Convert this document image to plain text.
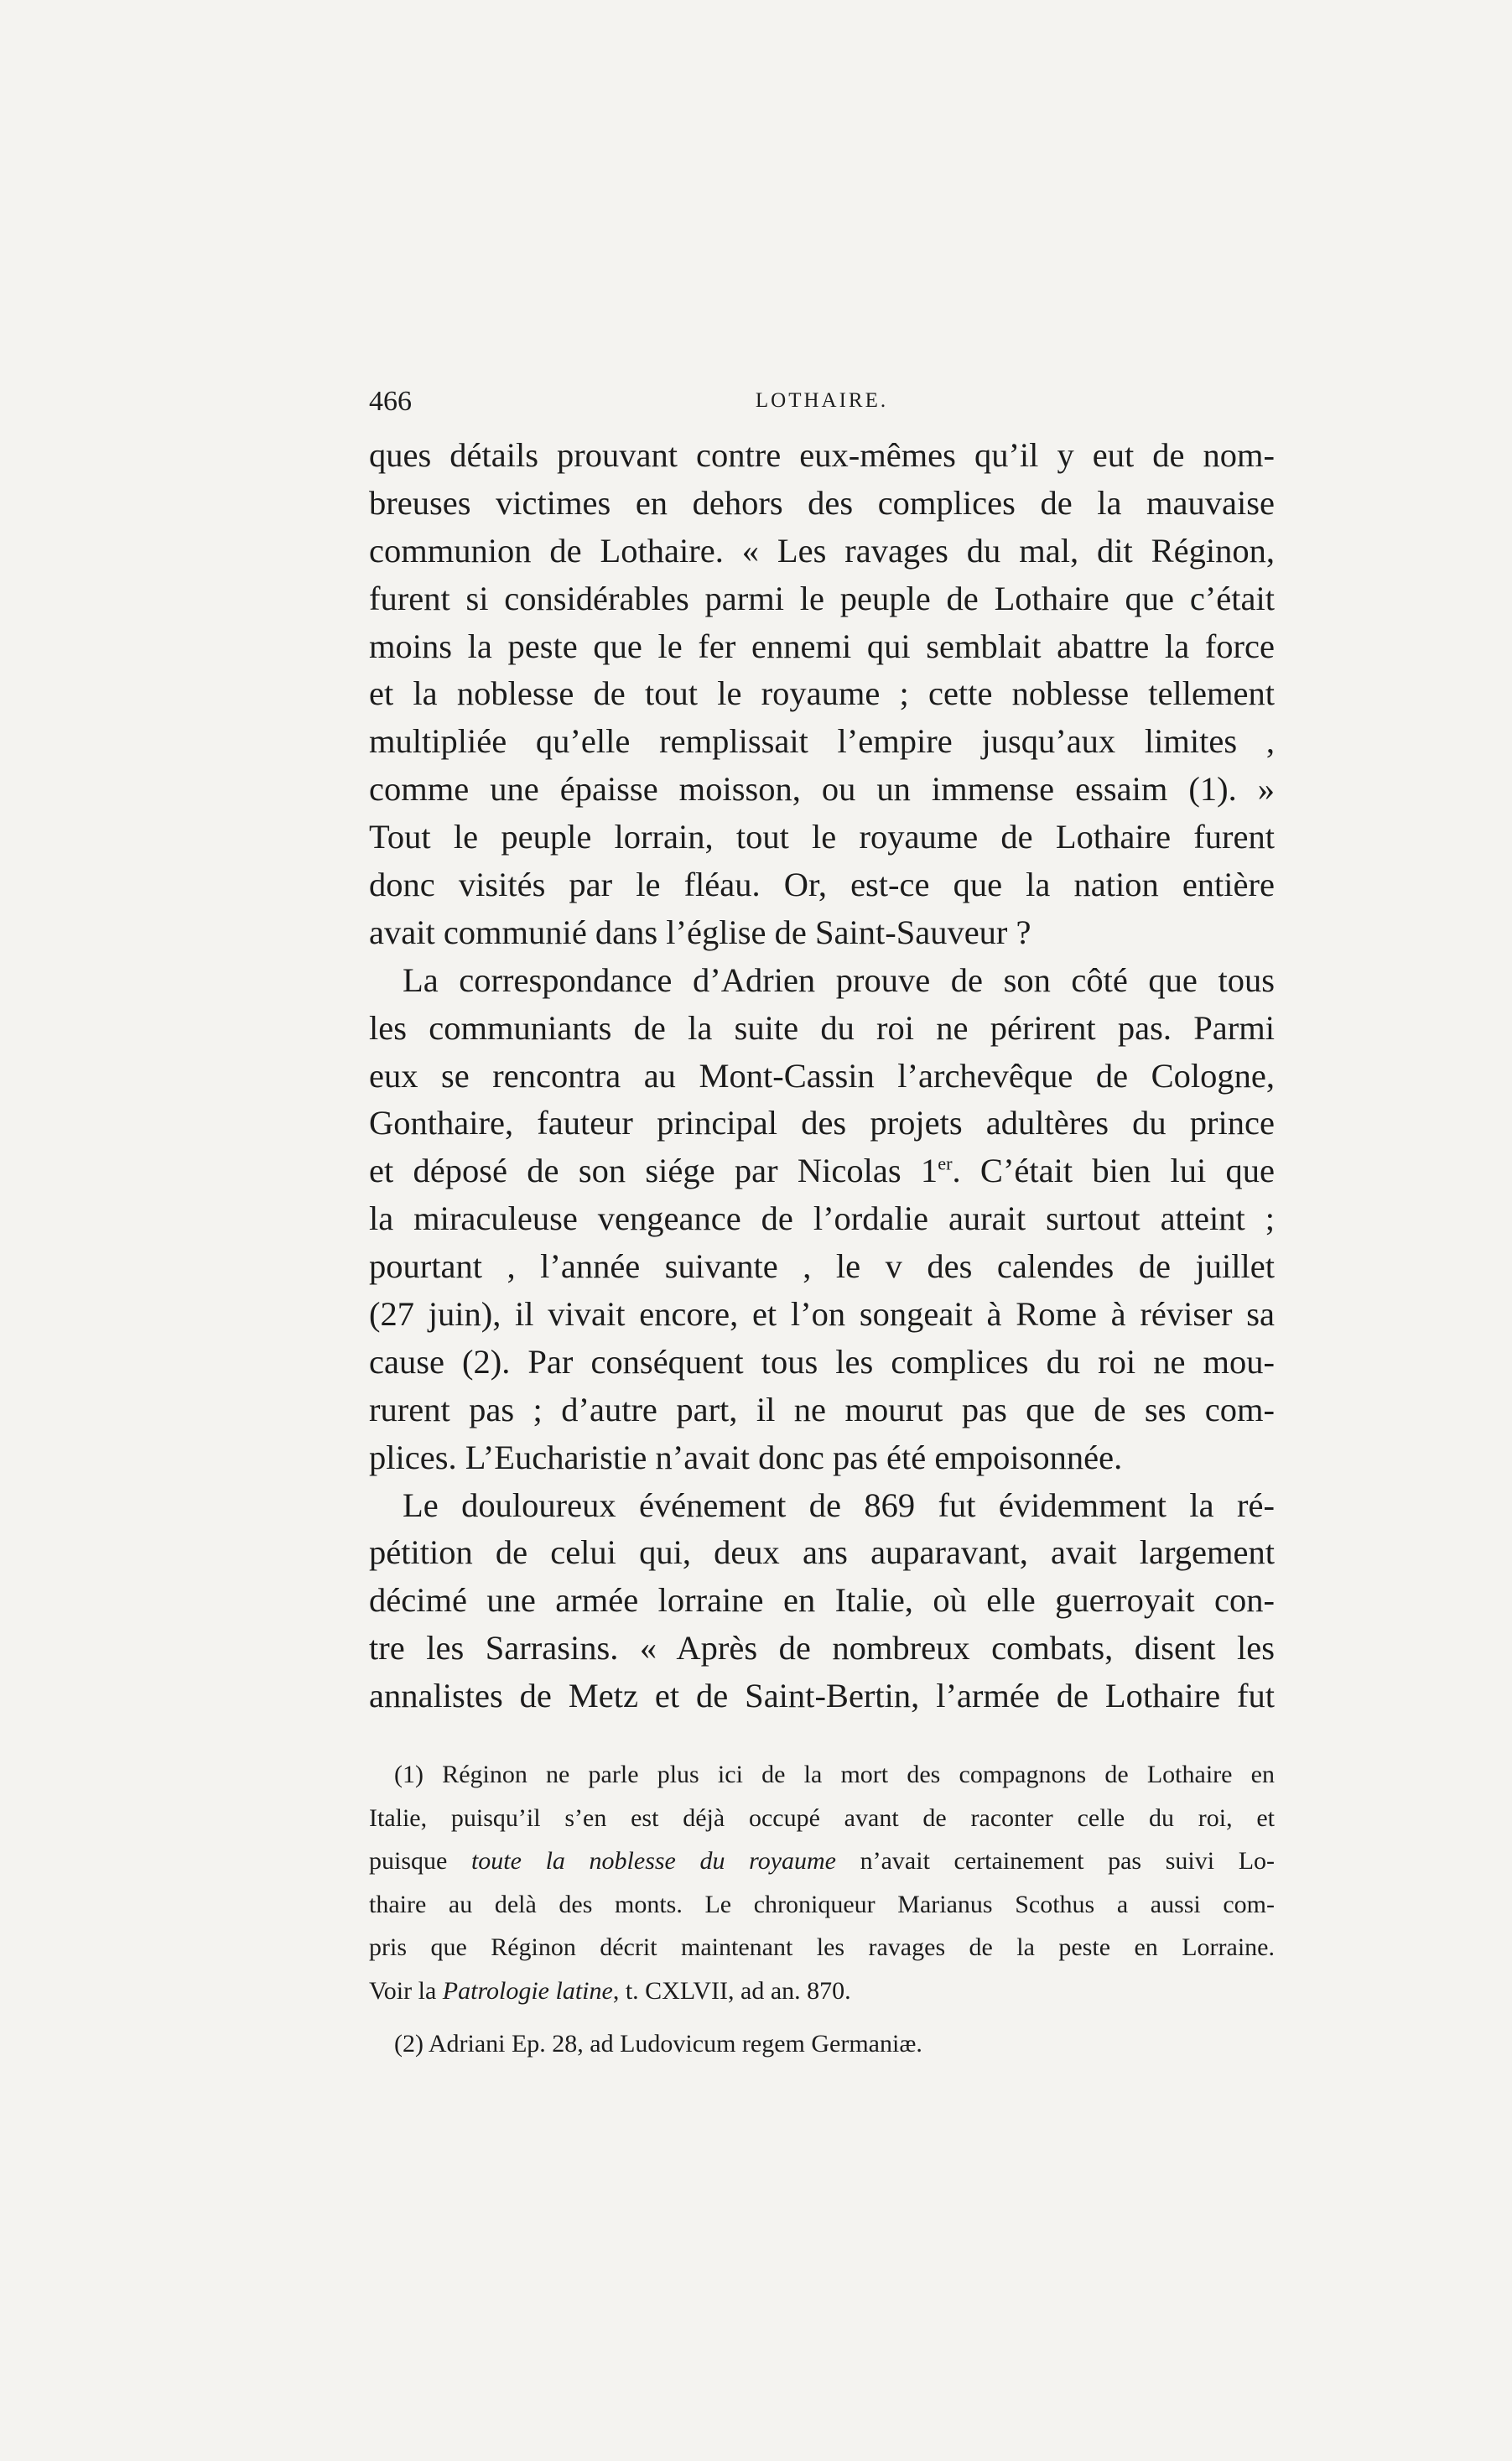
466	LOTHAIRE.
ques détails prouvant contre eux-mêmes qu’il y eut de nom-
breuses victimes en dehors des complices de la mauvaise
communion de Lothaire. « Les ravages du mal, dit Réginon,
furent si considérables parmi le peuple de Lothaire que c’était
moins la peste que le fer ennemi qui semblait abattre la force
et la noblesse de tout le royaume ; cette noblesse tellement
multipliée qu’elle remplissait l’empire jusqu’aux limites ,
comme une épaisse moisson, ou un immense essaim (1). »
Tout le peuple lorrain, tout le royaume de Lothaire furent
donc visités par le fléau. Or, est-ce que la nation entière
avait communié dans l’église de Saint-Sauveur ?
La correspondance d’Adrien prouve de son côté que tous
les communiants de la suite du roi ne périrent pas. Parmi
eux se rencontra au Mont-Cassin l’archevêque de Cologne,
Gonthaire, fauteur principal des projets adultères du prince
et déposé de son siége par Nicolas 1er. C’était bien lui que
la miraculeuse vengeance de l’ordalie aurait surtout atteint ;
pourtant , l’année suivante , le v des calendes de juillet
(27 juin), il vivait encore, et l’on songeait à Rome à réviser sa
cause (2). Par conséquent tous les complices du roi ne mou-
rurent pas ; d’autre part, il ne mourut pas que de ses com-
plices. L’Eucharistie n’avait donc pas été empoisonnée.
Le douloureux événement de 869 fut évidemment la ré-
pétition de celui qui, deux ans auparavant, avait largement
décimé une armée lorraine en Italie, où elle guerroyait con-
tre les Sarrasins. « Après de nombreux combats, disent les
annalistes de Metz et de Saint-Bertin, l’armée de Lothaire fut
(1) Réginon ne parle plus ici de la mort des compagnons de Lothaire en
Italie, puisqu’il s’en est déjà occupé avant de raconter celle du roi, et
puisque toute la noblesse du royaume n’avait certainement pas suivi Lo-
thaire au delà des monts. Le chroniqueur Marianus Scothus a aussi com-
pris que Réginon décrit maintenant les ravages de la peste en Lorraine.
Voir la Patrologie latine, t. CXLVII, ad an. 870.
(2) Adriani Ep. 28, ad Ludovicum regem Germaniæ.
